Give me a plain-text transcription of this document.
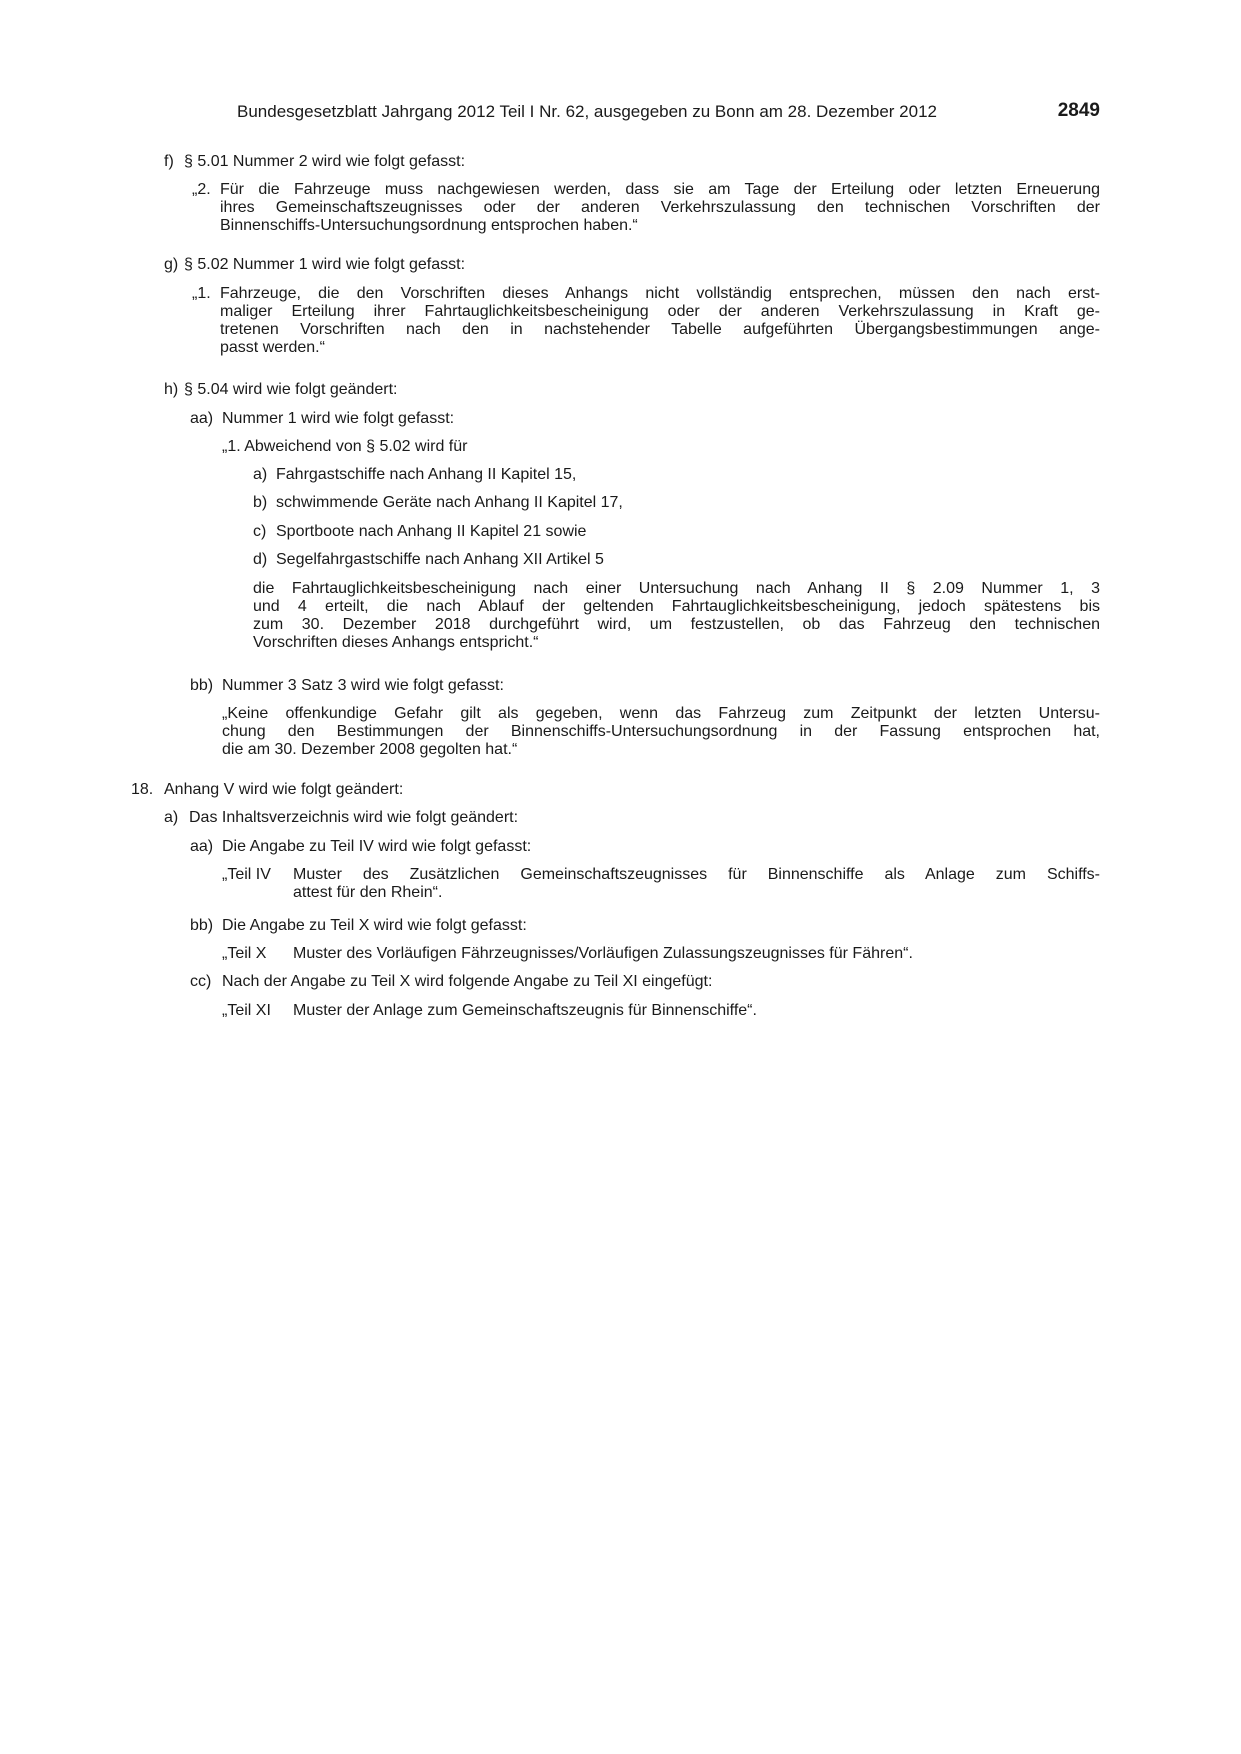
Bundesgesetzblatt Jahrgang 2012 Teil I Nr. 62, ausgegeben zu Bonn am 28. Dezember 2012	2849
f) § 5.01 Nummer 2 wird wie folgt gefasst:
„2. Für die Fahrzeuge muss nachgewiesen werden, dass sie am Tage der Erteilung oder letzten Erneuerung
ihres Gemeinschaftszeugnisses oder der anderen Verkehrszulassung den technischen Vorschriften der
Binnenschiffs-Untersuchungsordnung entsprochen haben.“
g) § 5.02 Nummer 1 wird wie folgt gefasst:
„1. Fahrzeuge, die den Vorschriften dieses Anhangs nicht vollständig entsprechen, müssen den nach erst-
maliger Erteilung ihrer Fahrtauglichkeitsbescheinigung oder der anderen Verkehrszulassung in Kraft ge-
tretenen Vorschriften nach den in nachstehender Tabelle aufgeführten Übergangsbestimmungen ange-
passt werden.“
h) § 5.04 wird wie folgt geändert:
aa) Nummer 1 wird wie folgt gefasst:
„1. Abweichend von § 5.02 wird für
a) Fahrgastschiffe nach Anhang II Kapitel 15,
b) schwimmende Geräte nach Anhang II Kapitel 17,
c) Sportboote nach Anhang II Kapitel 21 sowie
d) Segelfahrgastschiffe nach Anhang XII Artikel 5
die Fahrtauglichkeitsbescheinigung nach einer Untersuchung nach Anhang II § 2.09 Nummer 1, 3
und 4 erteilt, die nach Ablauf der geltenden Fahrtauglichkeitsbescheinigung, jedoch spätestens bis
zum 30. Dezember 2018 durchgeführt wird, um festzustellen, ob das Fahrzeug den technischen
Vorschriften dieses Anhangs entspricht.“
bb) Nummer 3 Satz 3 wird wie folgt gefasst:
„Keine offenkundige Gefahr gilt als gegeben, wenn das Fahrzeug zum Zeitpunkt der letzten Untersu-
chung den Bestimmungen der Binnenschiffs-Untersuchungsordnung in der Fassung entsprochen hat,
die am 30. Dezember 2008 gegolten hat.“
18. Anhang V wird wie folgt geändert:
a) Das Inhaltsverzeichnis wird wie folgt geändert:
aa) Die Angabe zu Teil IV wird wie folgt gefasst:
„Teil IV Muster des Zusätzlichen Gemeinschaftszeugnisses für Binnenschiffe als Anlage zum Schiffs-
attest für den Rhein“.
bb) Die Angabe zu Teil X wird wie folgt gefasst:
„Teil X Muster des Vorläufigen Fährzeugnisses/Vorläufigen Zulassungszeugnisses für Fähren“.
cc) Nach der Angabe zu Teil X wird folgende Angabe zu Teil XI eingefügt:
„Teil XI Muster der Anlage zum Gemeinschaftszeugnis für Binnenschiffe“.
